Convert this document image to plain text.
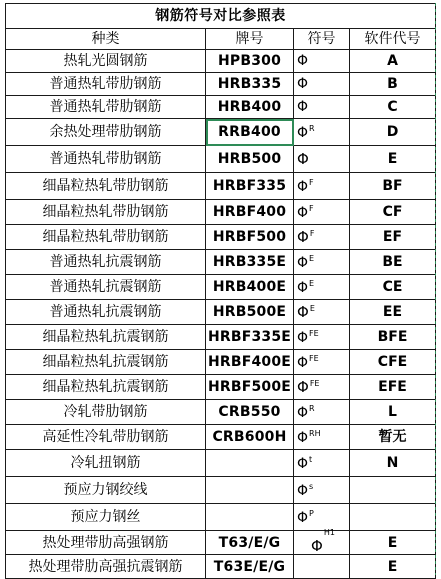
钢筋符号对比参照表			
种类	牌号	符号	软件代号
热轧光圆钢筋	HPB300	Φ	A
普通热轧带肋钢筋	HRB335	Φ	B
普通热轧带肋钢筋	HRB400	Φ	C
余热处理带肋钢筋	RRB400	$\Phi^R$	D
普通热轧带肋钢筋	HRB500	Φ	E
细晶粒热轧带肋钢筋	HRBF335	$\Phi^F$	BF
细晶粒热轧带肋钢筋	HRBF400	$\Phi^F$	CF
细晶粒热轧带肋钢筋	HRBF500	$\Phi^F$	EF
普通热轧抗震钢筋	HRB335E	$\Phi^E$	BE
普通热轧抗震钢筋	HRB400E	$\Phi^E$	CE
普通热轧抗震钢筋	HRB500E	$\Phi^E$	EE
细晶粒热轧抗震钢筋	HRBF335E	$\Phi^{FE}$	BFE
细晶粒热轧抗震钢筋	HRBF400E	$\Phi^{FE}$	CFE
细晶粒热轧抗震钢筋	HRBF500E	$\Phi^{FE}$	EFE
冷轧带肋钢筋	CRB550	$\Phi^R$	L
高延性冷轧带肋钢筋	CRB600H	$\Phi^{RH}$	暂无
冷轧扭钢筋		$\Phi^t$	N
预应力钢绞线		$\Phi^s$	
预应力钢丝		$\Phi^P$	
热处理带肋高强钢筋	T63/E/G	$\Phi^{H1}$	E
热处理带肋高强抗震钢筋	T63E/E/G		E
